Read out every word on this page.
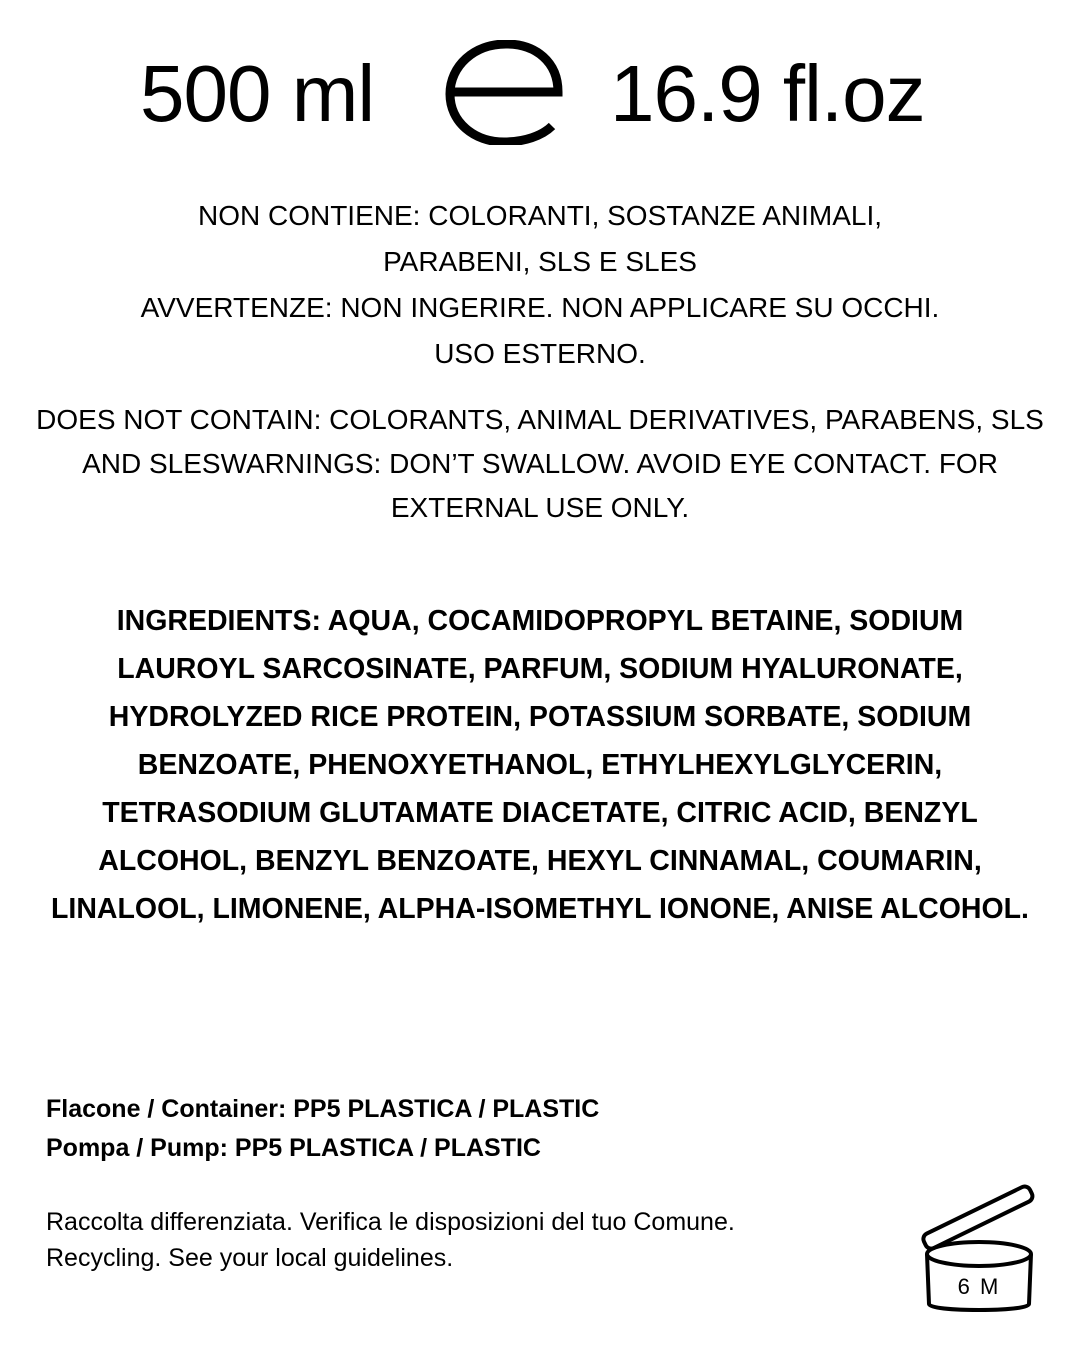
500 ml	16.9 fl.oz
NON CONTIENE: COLORANTI, SOSTANZE ANIMALI,
PARABENI, SLS E SLES
AVVERTENZE: NON INGERIRE. NON APPLICARE SU OCCHI.
USO ESTERNO.
DOES NOT CONTAIN: COLORANTS, ANIMAL DERIVATIVES, PARABENS, SLS AND SLESWARNINGS: DON’T SWALLOW. AVOID EYE CONTACT. FOR EXTERNAL USE ONLY.
INGREDIENTS: AQUA, COCAMIDOPROPYL BETAINE, SODIUM LAUROYL SARCOSINATE, PARFUM, SODIUM HYALURONATE, HYDROLYZED RICE PROTEIN, POTASSIUM SORBATE, SODIUM BENZOATE, PHENOXYETHANOL, ETHYLHEXYLGLYCERIN, TETRASODIUM GLUTAMATE DIACETATE, CITRIC ACID, BENZYL ALCOHOL, BENZYL BENZOATE, HEXYL CINNAMAL, COUMARIN, LINALOOL, LIMONENE, ALPHA-ISOMETHYL IONONE, ANISE ALCOHOL.
Flacone / Container: PP5 PLASTICA / PLASTIC
Pompa / Pump: PP5 PLASTICA / PLASTIC
Raccolta differenziata. Verifica le disposizioni del tuo Comune.
Recycling. See your local guidelines.
6 M
